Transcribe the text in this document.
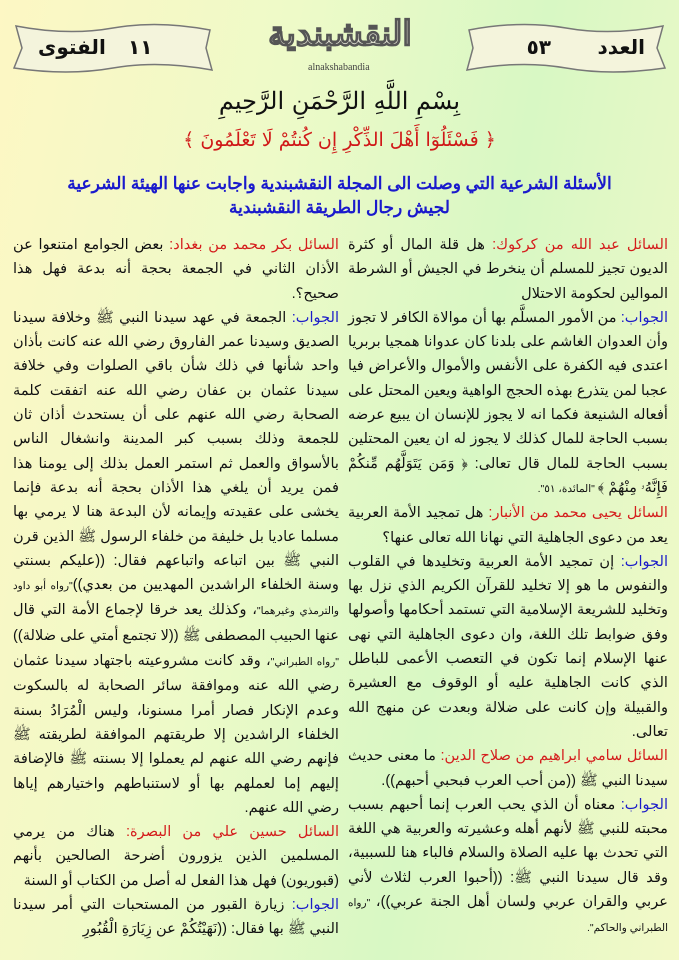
العدد
٥٣
الفتوى ١١	النقشبندية
alnakshabandia
بِسْمِ اللَّهِ الرَّحْمَنِ الرَّحِيمِ
﴿ فَسْئَلُوٓا أَهْلَ الذِّكْرِ إِن كُنتُمْ لَا تَعْلَمُونَ ﴾
الأسئلة الشرعية التي وصلت الى المجلة النقشبندية واجابت عنها الهيئة الشرعية
لجيش رجال الطريقة النقشبندية

السائل عبد الله من كركوك: هل قلة المال أو كثرة الديون تجيز للمسلم أن ينخرط في الجيش أو الشرطة الموالين لحكومة الاحتلال

الجواب: من الأمور المسلَّم بها أن موالاة الكافر لا تجوز وأن العدوان الغاشم على بلدنا كان عدوانا همجيا بربريا اعتدى فيه الكفرة على الأنفس والأموال والأعراض فيا عجبا لمن يتذرع بهذه الحجج الواهية ويعين المحتل على أفعاله الشنيعة فكما انه لا يجوز للإنسان ان يبيع عرضه بسبب الحاجة للمال كذلك لا يجوز له ان يعين المحتلين بسبب الحاجة للمال قال تعالى: ﴿ وَمَن يَتَوَلَّهُم مِّنكُمْ فَإِنَّهُۥ مِنْهُمْ ﴾ "المائدة، ٥١".

السائل يحيى محمد من الأنبار: هل تمجيد الأمة العربية يعد من دعوى الجاهلية التي نهانا الله تعالى عنها؟

الجواب: إن تمجيد الأمة العربية وتخليدها في القلوب والنفوس ما هو إلا تخليد للقرآن الكريم الذي نزل بها وتخليد للشريعة الإسلامية التي تستمد أحكامها وأصولها وفق ضوابط تلك اللغة، وان دعوى الجاهلية التي نهى عنها الإسلام إنما تكون في التعصب الأعمى للباطل الذي كانت الجاهلية عليه أو الوقوف مع العشيرة والقبيلة وإن كانت على ضلالة وبعدت عن منهج الله تعالى.

السائل سامي ابراهيم من صلاح الدين: ما معنى حديث سيدنا النبي ﷺ ((من أحب العرب فبحبي أحبهم)).

الجواب: معناه أن الذي يحب العرب إنما أحبهم بسبب محبته للنبي ﷺ لأنهم أهله وعشيرته والعربية هي اللغة التي تحدث بها عليه الصلاة والسلام فالباء هنا للسببية، وقد قال سيدنا النبي ﷺ: ((أحبوا العرب لثلاث لأني عربي والقران عربي ولسان أهل الجنة عربي))، "رواه الطبراني والحاكم".

السائل بكر محمد من بغداد: بعض الجوامع امتنعوا عن الأذان الثاني في الجمعة بحجة أنه بدعة فهل هذا صحيح؟.

الجواب: الجمعة في عهد سيدنا النبي ﷺ وخلافة سيدنا الصديق وسيدنا عمر الفاروق رضي الله عنه كانت بأذان واحد شأنها في ذلك شأن باقي الصلوات وفي خلافة سيدنا عثمان بن عفان رضي الله عنه اتفقت كلمة الصحابة رضي الله عنهم على أن يستحدث أذان ثان للجمعة وذلك بسبب كبر المدينة وانشغال الناس بالأسواق والعمل ثم استمر العمل بذلك إلى يومنا هذا فمن يريد أن يلغي هذا الأذان بحجة أنه بدعة فإنما يخشى على عقيدته وإيمانه لأن البدعة هنا لا يرمي بها مسلما عاديا بل خليفة من خلفاء الرسول ﷺ الذين قرن النبي ﷺ بين اتباعه واتباعهم فقال: ((عليكم بسنتي وسنة الخلفاء الراشدين المهديين من بعدي))"رواه أبو داود والترمذي وغيرهما"، وكذلك يعد خرقا لإجماع الأمة التي قال عنها الحبيب المصطفى ﷺ ((لا تجتمع أمتي على ضلالة)) "رواه الطبراني"، وقد كانت مشروعيته باجتهاد سيدنا عثمان رضي الله عنه وموافقة سائر الصحابة له بالسكوت وعدم الإنكار فصار أمرا مسنونا، وليس الْمُرَادُ بسنة الخلفاء الراشدين إلا طريقتهم الموافقة لطريقته ﷺ فإنهم رضي الله عنهم لم يعملوا إلا بسنته ﷺ فالإضافة إليهم إما لعملهم بها أو لاستنباطهم واختيارهم إياها رضي الله عنهم.

السائل حسين علي من البصرة: هناك من يرمي المسلمين الذين يزورون أضرحة الصالحين بأنهم (قبوريون) فهل هذا الفعل له أصل من الكتاب أو السنة

الجواب: زيارة القبور من المستحبات التي أمر سيدنا النبي ﷺ بها فقال: ((نَهَيْتُكُمْ عن زِيَارَةِ الْقُبُورِ
